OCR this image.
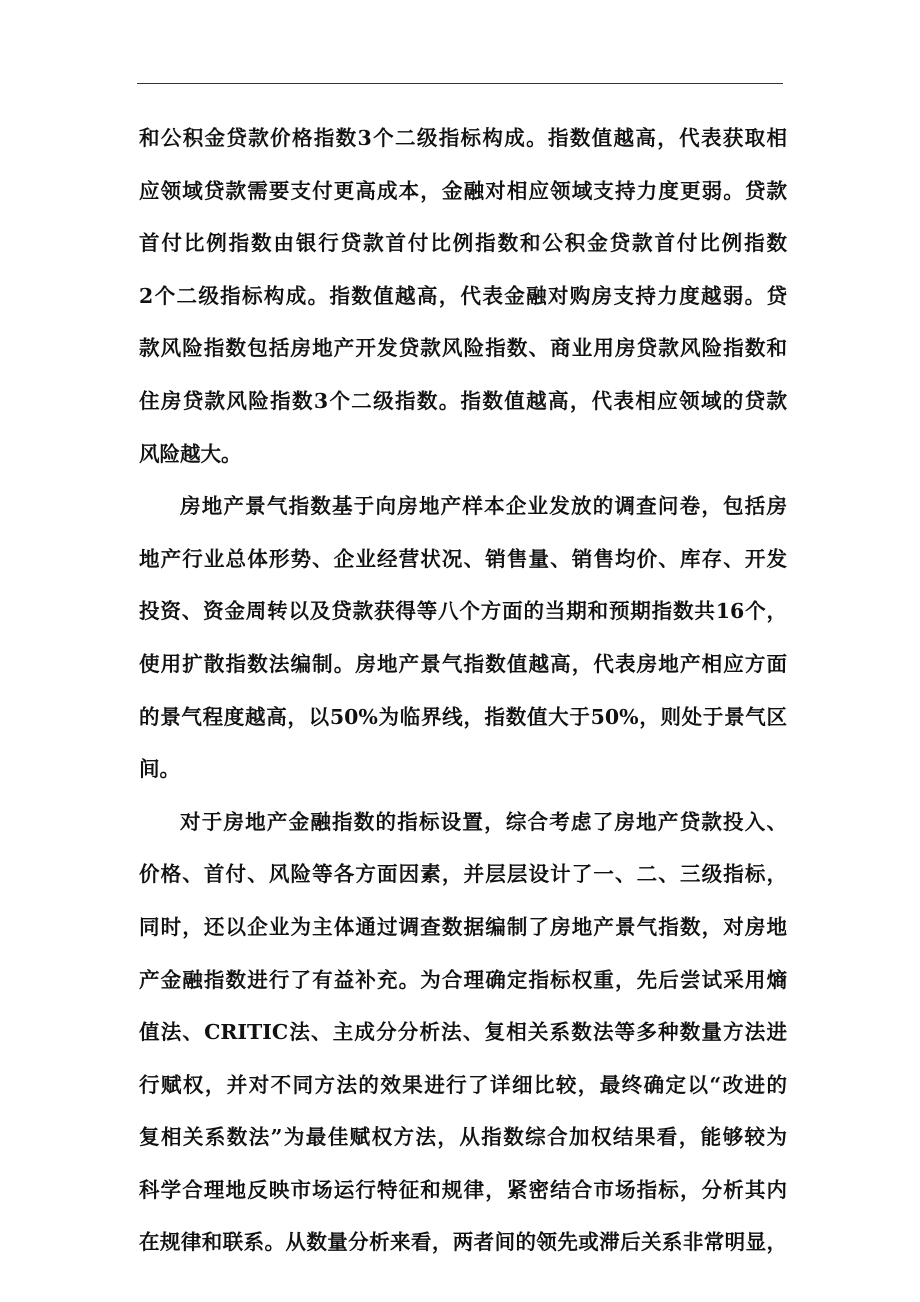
和公积金贷款价格指数3个二级指标构成。指数值越高，代表获取相
应领域贷款需要支付更高成本，金融对相应领域支持力度更弱。贷款
首付比例指数由银行贷款首付比例指数和公积金贷款首付比例指数
2个二级指标构成。指数值越高，代表金融对购房支持力度越弱。贷
款风险指数包括房地产开发贷款风险指数、商业用房贷款风险指数和
住房贷款风险指数3个二级指数。指数值越高，代表相应领域的贷款
风险越大。
房地产景气指数基于向房地产样本企业发放的调查问卷，包括房
地产行业总体形势、企业经营状况、销售量、销售均价、库存、开发
投资、资金周转以及贷款获得等八个方面的当期和预期指数共16个，
使用扩散指数法编制。房地产景气指数值越高，代表房地产相应方面
的景气程度越高，以50%为临界线，指数值大于50%，则处于景气区
间。
对于房地产金融指数的指标设置，综合考虑了房地产贷款投入、
价格、首付、风险等各方面因素，并层层设计了一、二、三级指标，
同时，还以企业为主体通过调查数据编制了房地产景气指数，对房地
产金融指数进行了有益补充。为合理确定指标权重，先后尝试采用熵
值法、CRITIC法、主成分分析法、复相关系数法等多种数量方法进
行赋权，并对不同方法的效果进行了详细比较，最终确定以“改进的
复相关系数法”为最佳赋权方法，从指数综合加权结果看，能够较为
科学合理地反映市场运行特征和规律，紧密结合市场指标，分析其内
在规律和联系。从数量分析来看，两者间的领先或滞后关系非常明显，
